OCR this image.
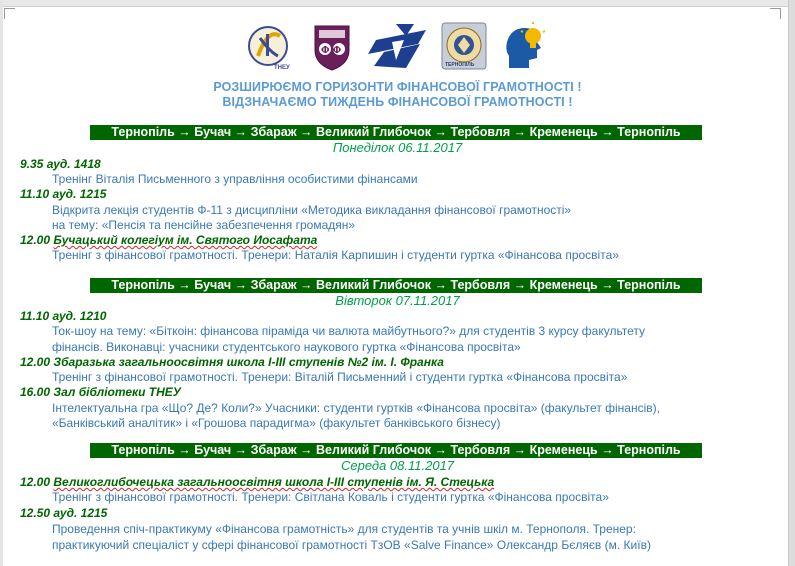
ТНЕУ
Ф Ф
ТЕРНОПІЛЬ
РОЗШИРЮЄМО ГОРИЗОНТИ ФІНАНСОВОЇ ГРАМОТНОСТІ !
ВІДЗНАЧАЄМО ТИЖДЕНЬ ФІНАНСОВОЇ ГРАМОТНОСТІ !
Тернопіль → Бучач → Збараж → Великий Глибочок → Тербовля → Кременець → Тернопіль
Понеділок 06.11.2017
9.35 ауд. 1418
Тренінг Віталія Письменного з управління особистими фінансами
11.10 ауд. 1215
Відкрита лекція студентів Ф-11 з дисципліни «Методика викладання фінансової грамотності»
на тему: «Пенсія та пенсійне забезпечення громадян»
12.00 Бучацький колегіум ім. Святого Иосафата
Тренінг з фінансової грамотності. Тренери: Наталія Карпишин і студенти гуртка «Фінансова просвіта»
Тернопіль → Бучач → Збараж → Великий Глибочок → Тербовля → Кременець → Тернопіль
Вівторок 07.11.2017
11.10 ауд. 1210
Ток-шоу на тему: «Біткоін: фінансова піраміда чи валюта майбутнього?» для студентів 3 курсу факультету
фінансів. Виконавці: учасники студентського наукового гуртка «Фінансова просвіта»
12.00 Збаразька загальноосвітня школа І-ІІІ ступенів №2 ім. І. Франка
Тренінг з фінансової грамотності. Тренери: Віталій Письменний і студенти гуртка «Фінансова просвіта»
16.00 Зал бібліотеки ТНЕУ
Інтелектуальна гра «Що? Де? Коли?» Учасники: студенти гуртків «Фінансова просвіта» (факультет фінансів),
«Банківський аналітик» і «Грошова парадигма» (факультет банківського бізнесу)
Тернопіль → Бучач → Збараж → Великий Глибочок → Тербовля → Кременець → Тернопіль
Середа 08.11.2017
12.00 Великоглибочецька загальноосвітня школа І-ІІІ ступенів ім. Я. Стецька
Тренінг з фінансової грамотності. Тренери: Світлана Коваль і студенти гуртка «Фінансова просвіта»
12.50 ауд. 1215
Проведення спіч-практикуму «Фінансова грамотність» для студентів та учнів шкіл м. Тернополя. Тренер:
практикуючий спеціаліст у сфері фінансової грамотності ТзОВ «Salve Finance» Олександр Бєляєв (м. Київ)
